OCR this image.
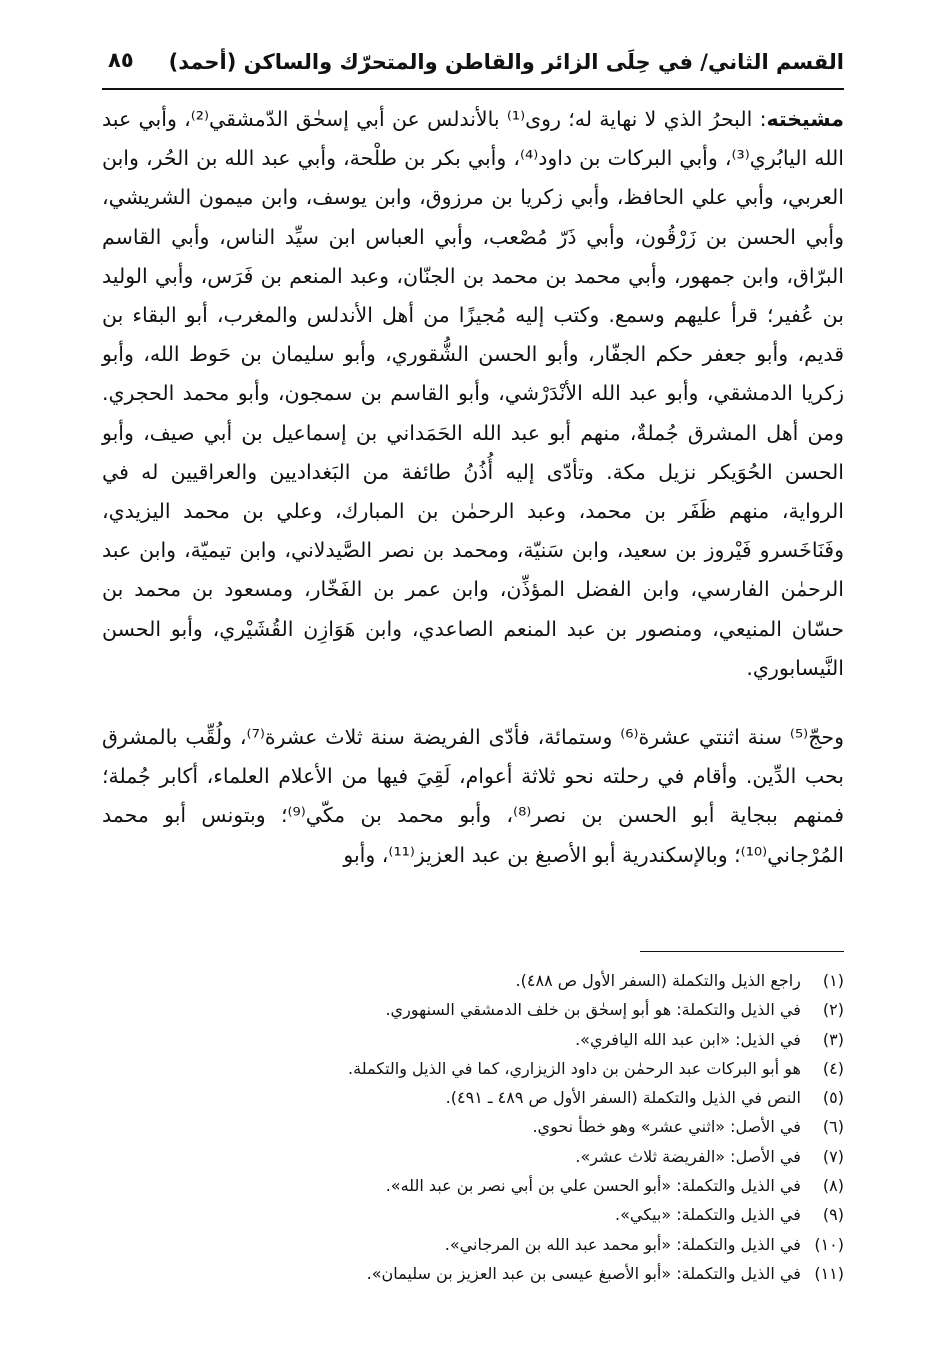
القسم الثاني/ في حِلَى الزائر والقاطن والمتحرّك والساكن (أحمد)
٨٥

مشيخته: البحرُ الذي لا نهاية له؛ روى⁽¹⁾ بالأندلس عن أبي إسحٰق الدّمشقي⁽²⁾، وأبي عبد الله اليابُري⁽³⁾، وأبي البركات بن داود⁽⁴⁾، وأبي بكر بن طلْحة، وأبي عبد الله بن الحُر، وابن العربي، وأبي علي الحافظ، وأبي زكريا بن مرزوق، وابن يوسف، وابن ميمون الشريشي، وأبي الحسن بن زَرْقُون، وأبي ذَرّ مُصْعب، وأبي العباس ابن سيِّد الناس، وأبي القاسم البرّاق، وابن جمهور، وأبي محمد بن محمد بن الجنّان، وعبد المنعم بن فَرَس، وأبي الوليد بن عُفير؛ قرأ عليهم وسمع. وكتب إليه مُجيزًا من أهل الأندلس والمغرب، أبو البقاء بن قديم، وأبو جعفر حكم الجفّار، وأبو الحسن الشُّقوري، وأبو سليمان بن حَوط الله، وأبو زكريا الدمشقي، وأبو عبد الله الأنْدَرْشي، وأبو القاسم بن سمجون، وأبو محمد الحجري. ومن أهل المشرق جُملةٌ، منهم أبو عبد الله الحَمَداني بن إسماعيل بن أبي صيف، وأبو الحسن الحُوَيكر نزيل مكة. وتأدّى إليه أُذُنُ طائفة من البَغداديين والعراقيين له في الرواية، منهم ظَفَر بن محمد، وعبد الرحمٰن بن المبارك، وعلي بن محمد اليزيدي، وفَنَاخَسرو فَيْروز بن سعيد، وابن سَنيّة، ومحمد بن نصر الصَّيدلاني، وابن تيميّة، وابن عبد الرحمٰن الفارسي، وابن الفضل المؤذِّن، وابن عمر بن الفَخّار، ومسعود بن محمد بن حسّان المنيعي، ومنصور بن عبد المنعم الصاعدي، وابن هَوَازِن القُشَيْري، وأبو الحسن النَّيسابوري.

وحجّ⁽⁵⁾ سنة اثنتي عشرة⁽⁶⁾ وستمائة، فأدّى الفريضة سنة ثلاث عشرة⁽⁷⁾، ولُقِّب بالمشرق بحب الدِّين. وأقام في رحلته نحو ثلاثة أعوام، لَقِيَ فيها من الأعلام العلماء، أكابر جُملة؛ فمنهم ببجاية أبو الحسن بن نصر⁽⁸⁾، وأبو محمد بن مكّي⁽⁹⁾؛ وبتونس أبو محمد المُرْجاني⁽¹⁰⁾؛ وبالإسكندرية أبو الأصبغ بن عبد العزيز⁽¹¹⁾، وأبو

(١) راجع الذيل والتكملة (السفر الأول ص ٤٨٨).
(٢) في الذيل والتكملة: هو أبو إسحٰق بن خلف الدمشقي السنهوري.
(٣) في الذيل: «ابن عبد الله اليافري».
(٤) هو أبو البركات عبد الرحمٰن بن داود الزيزاري، كما في الذيل والتكملة.
(٥) النص في الذيل والتكملة (السفر الأول ص ٤٨٩ ـ ٤٩١).
(٦) في الأصل: «اثني عشر» وهو خطأ نحوي.
(٧) في الأصل: «الفريضة ثلاث عشر».
(٨) في الذيل والتكملة: «أبو الحسن علي بن أبي نصر بن عبد الله».
(٩) في الذيل والتكملة: «بيكي».
(١٠) في الذيل والتكملة: «أبو محمد عبد الله بن المرجاني».
(١١) في الذيل والتكملة: «أبو الأصبغ عيسى بن عبد العزيز بن سليمان».
